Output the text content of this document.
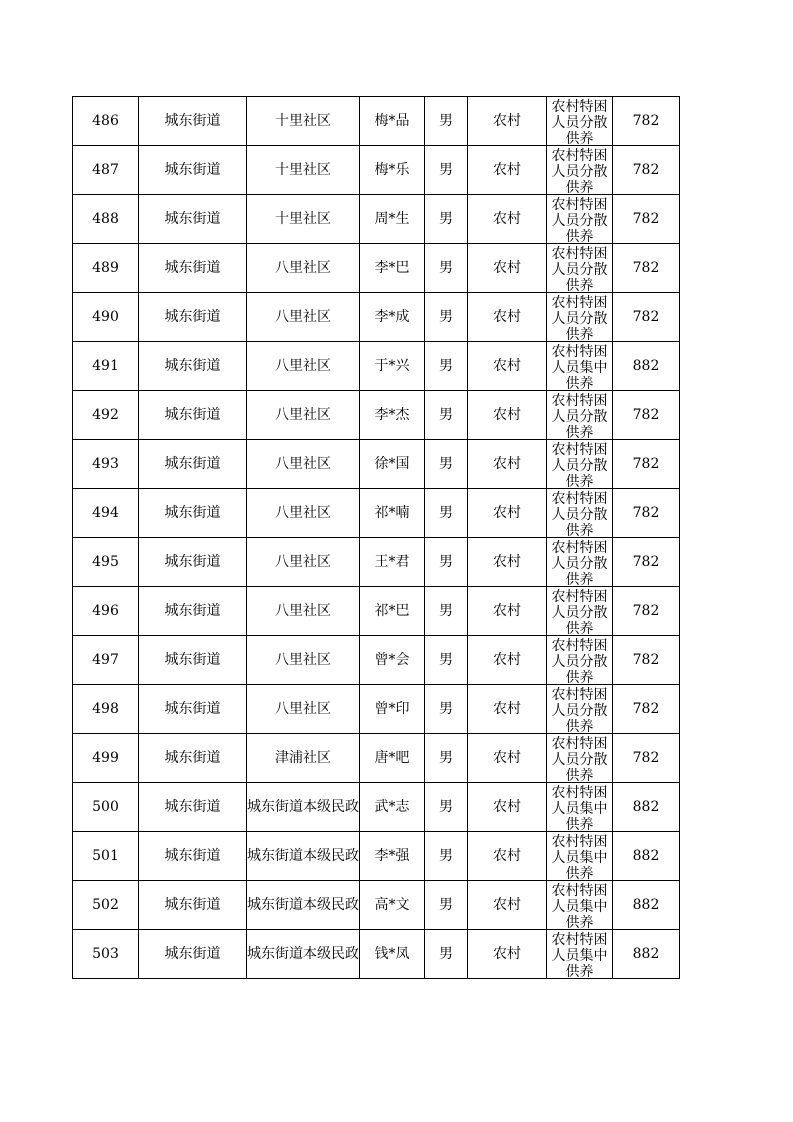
486	城东街道	十里社区	梅*品	男	农村	农村特困人员分散供养	782
487	城东街道	十里社区	梅*乐	男	农村	农村特困人员分散供养	782
488	城东街道	十里社区	周*生	男	农村	农村特困人员分散供养	782
489	城东街道	八里社区	李*巴	男	农村	农村特困人员分散供养	782
490	城东街道	八里社区	李*成	男	农村	农村特困人员分散供养	782
491	城东街道	八里社区	于*兴	男	农村	农村特困人员集中供养	882
492	城东街道	八里社区	李*杰	男	农村	农村特困人员分散供养	782
493	城东街道	八里社区	徐*国	男	农村	农村特困人员分散供养	782
494	城东街道	八里社区	祁*喃	男	农村	农村特困人员分散供养	782
495	城东街道	八里社区	王*君	男	农村	农村特困人员分散供养	782
496	城东街道	八里社区	祁*巴	男	农村	农村特困人员分散供养	782
497	城东街道	八里社区	曾*会	男	农村	农村特困人员分散供养	782
498	城东街道	八里社区	曾*印	男	农村	农村特困人员分散供养	782
499	城东街道	津浦社区	唐*吧	男	农村	农村特困人员分散供养	782
500	城东街道	城东街道本级民政	武*志	男	农村	农村特困人员集中供养	882
501	城东街道	城东街道本级民政	李*强	男	农村	农村特困人员集中供养	882
502	城东街道	城东街道本级民政	高*文	男	农村	农村特困人员集中供养	882
503	城东街道	城东街道本级民政	钱*凤	男	农村	农村特困人员集中供养	882
